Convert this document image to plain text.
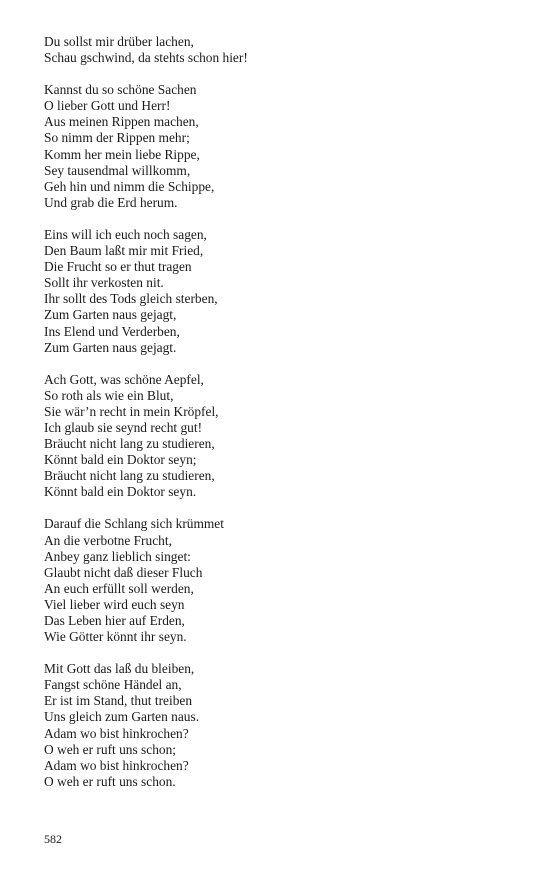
Du sollst mir drüber lachen,
Schau gschwind, da stehts schon hier!
Kannst du so schöne Sachen
O lieber Gott und Herr!
Aus meinen Rippen machen,
So nimm der Rippen mehr;
Komm her mein liebe Rippe,
Sey tausendmal willkomm,
Geh hin und nimm die Schippe,
Und grab die Erd herum.
Eins will ich euch noch sagen,
Den Baum laßt mir mit Fried,
Die Frucht so er thut tragen
Sollt ihr verkosten nit.
Ihr sollt des Tods gleich sterben,
Zum Garten naus gejagt,
Ins Elend und Verderben,
Zum Garten naus gejagt.
Ach Gott, was schöne Aepfel,
So roth als wie ein Blut,
Sie wär’n recht in mein Kröpfel,
Ich glaub sie seynd recht gut!
Bräucht nicht lang zu studieren,
Könnt bald ein Doktor seyn;
Bräucht nicht lang zu studieren,
Könnt bald ein Doktor seyn.
Darauf die Schlang sich krümmet
An die verbotne Frucht,
Anbey ganz lieblich singet:
Glaubt nicht daß dieser Fluch
An euch erfüllt soll werden,
Viel lieber wird euch seyn
Das Leben hier auf Erden,
Wie Götter könnt ihr seyn.
Mit Gott das laß du bleiben,
Fangst schöne Händel an,
Er ist im Stand, thut treiben
Uns gleich zum Garten naus.
Adam wo bist hinkrochen?
O weh er ruft uns schon;
Adam wo bist hinkrochen?
O weh er ruft uns schon.
582
